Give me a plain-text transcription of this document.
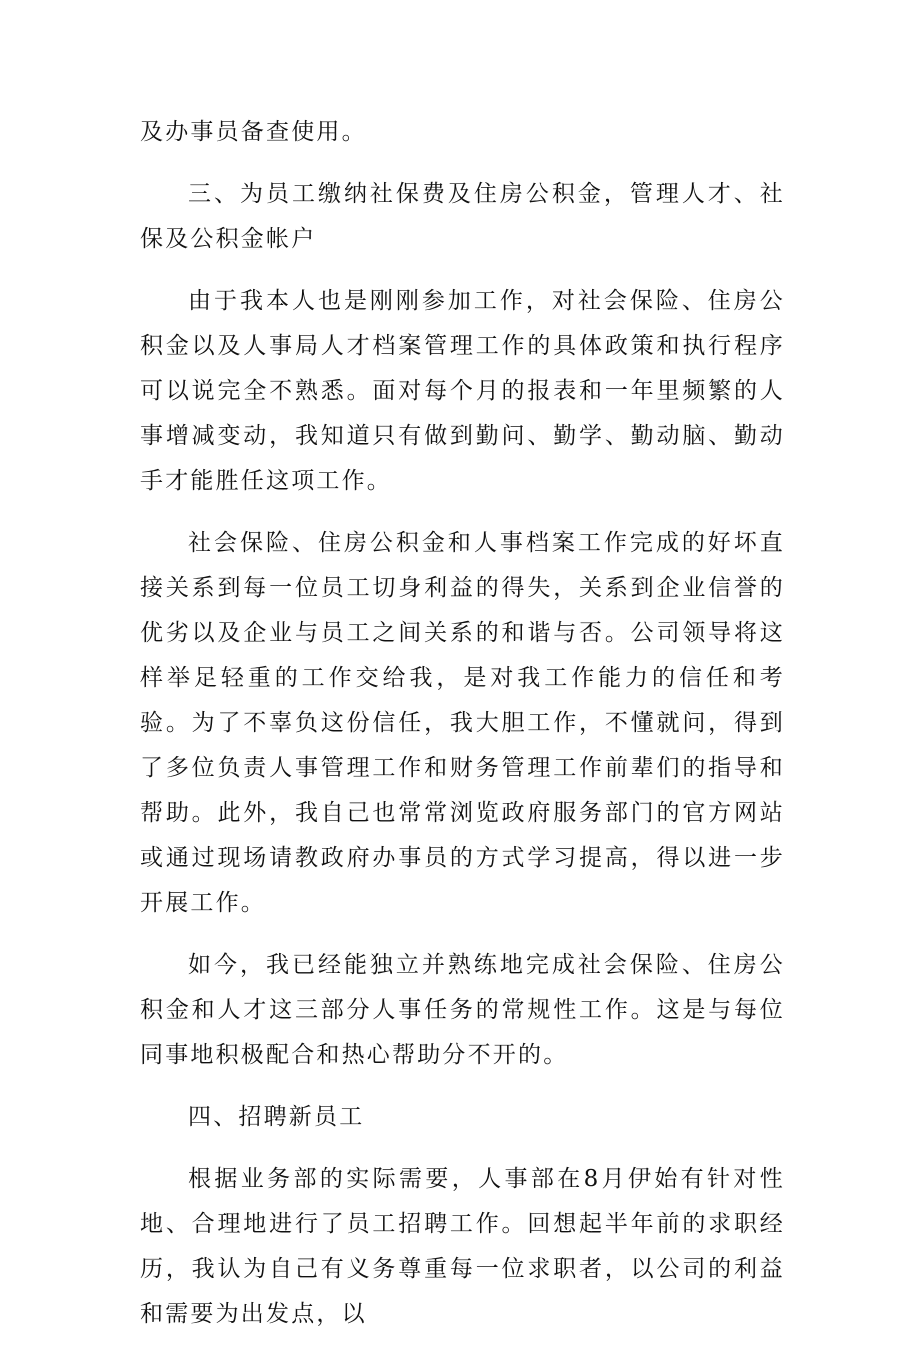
及办事员备查使用。

三、为员工缴纳社保费及住房公积金，管理人才、社保及公积金帐户

由于我本人也是刚刚参加工作，对社会保险、住房公积金以及人事局人才档案管理工作的具体政策和执行程序可以说完全不熟悉。面对每个月的报表和一年里频繁的人事增减变动，我知道只有做到勤问、勤学、勤动脑、勤动手才能胜任这项工作。

社会保险、住房公积金和人事档案工作完成的好坏直接关系到每一位员工切身利益的得失，关系到企业信誉的优劣以及企业与员工之间关系的和谐与否。公司领导将这样举足轻重的工作交给我，是对我工作能力的信任和考验。为了不辜负这份信任，我大胆工作，不懂就问，得到了多位负责人事管理工作和财务管理工作前辈们的指导和帮助。此外，我自己也常常浏览政府服务部门的官方网站或通过现场请教政府办事员的方式学习提高，得以进一步开展工作。

如今，我已经能独立并熟练地完成社会保险、住房公积金和人才这三部分人事任务的常规性工作。这是与每位同事地积极配合和热心帮助分不开的。

四、招聘新员工

根据业务部的实际需要，人事部在8月伊始有针对性地、合理地进行了员工招聘工作。回想起半年前的求职经历，我认为自己有义务尊重每一位求职者，以公司的利益和需要为出发点，以
